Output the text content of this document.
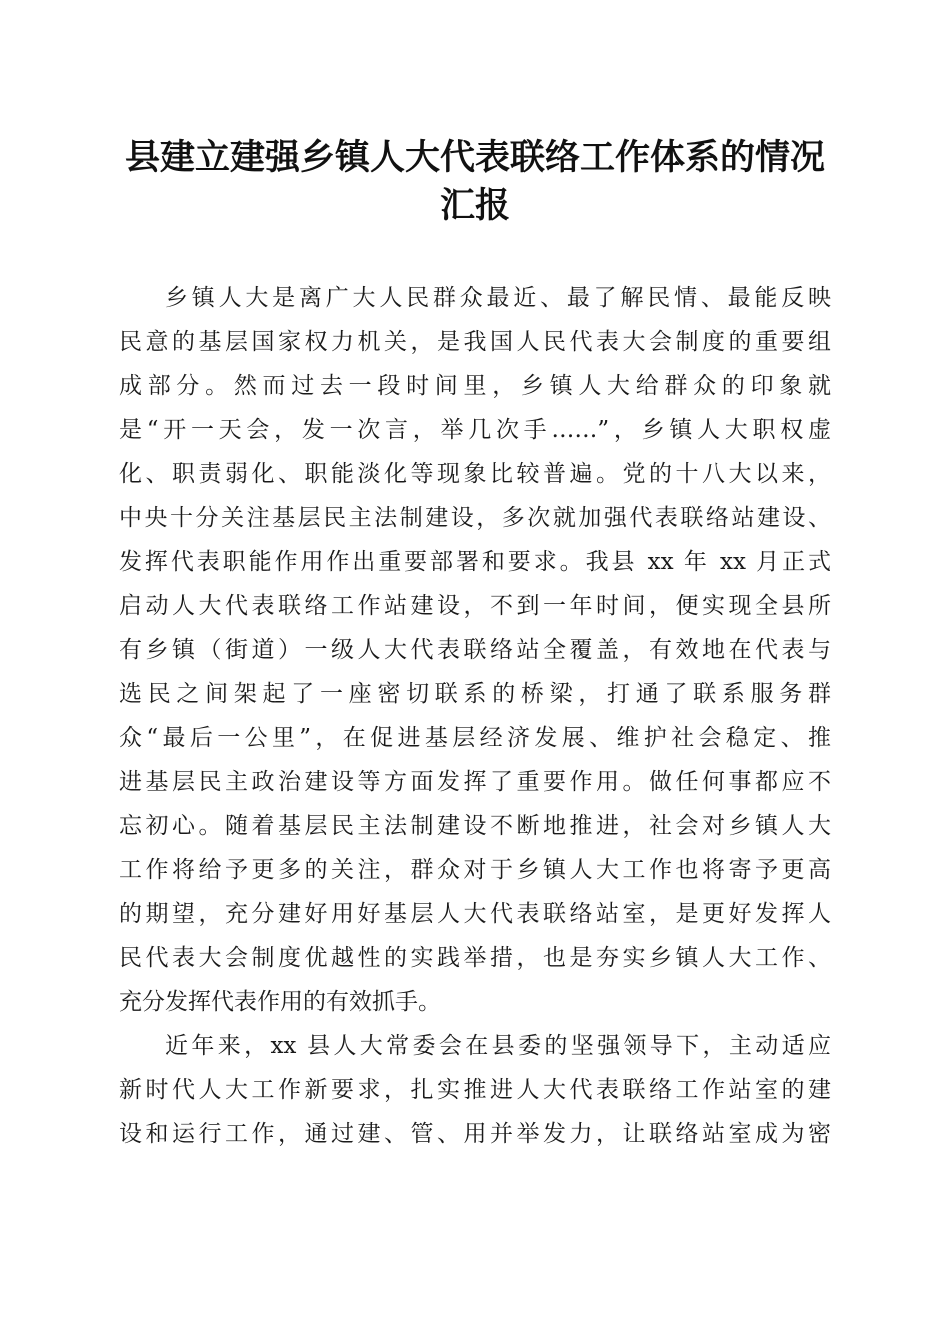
县建立建强乡镇人大代表联络工作体系的情况
汇报
乡镇人大是离广大人民群众最近、最了解民情、最能反映
民意的基层国家权力机关，是我国人民代表大会制度的重要组
成部分。然而过去一段时间里，乡镇人大给群众的印象就
是“开一天会，发一次言，举几次手……”，乡镇人大职权虚
化、职责弱化、职能淡化等现象比较普遍。党的十八大以来，
中央十分关注基层民主法制建设，多次就加强代表联络站建设、
发挥代表职能作用作出重要部署和要求。我县 xx 年 xx 月正式
启动人大代表联络工作站建设，不到一年时间，便实现全县所
有乡镇（街道）一级人大代表联络站全覆盖，有效地在代表与
选民之间架起了一座密切联系的桥梁，打通了联系服务群
众“最后一公里”，在促进基层经济发展、维护社会稳定、推
进基层民主政治建设等方面发挥了重要作用。做任何事都应不
忘初心。随着基层民主法制建设不断地推进，社会对乡镇人大
工作将给予更多的关注，群众对于乡镇人大工作也将寄予更高
的期望，充分建好用好基层人大代表联络站室，是更好发挥人
民代表大会制度优越性的实践举措，也是夯实乡镇人大工作、
充分发挥代表作用的有效抓手。
近年来，xx 县人大常委会在县委的坚强领导下，主动适应
新时代人大工作新要求，扎实推进人大代表联络工作站室的建
设和运行工作，通过建、管、用并举发力，让联络站室成为密
